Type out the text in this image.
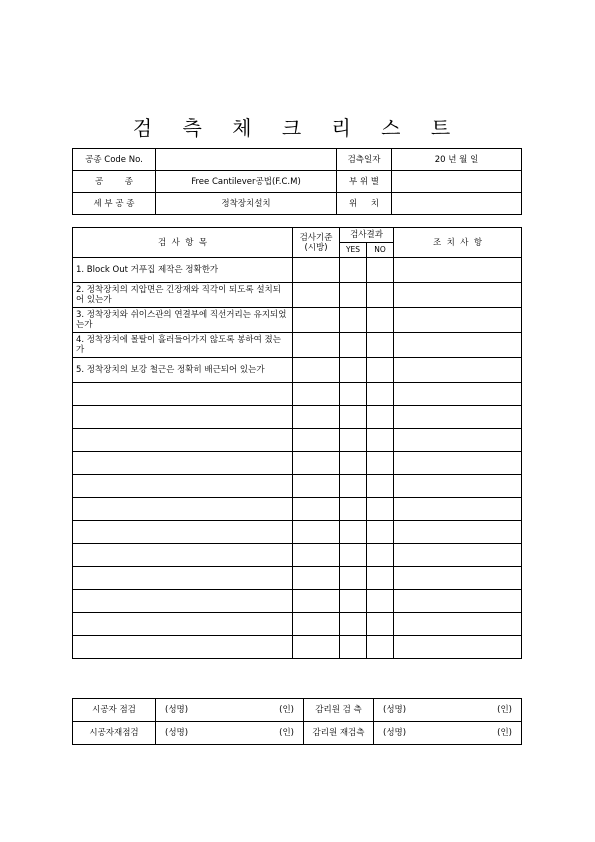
검 측 체 크 리 스 트
공종 Code No.		검측일자	20 년 월 일
공        종	Free Cantilever공법(F.C.M)	부 위 별	
세 부 공 종	정착장치설치	위     치	
검  사  항  목	검사기준 (시방)	검사결과		조  치  사  항
		YES	NO	
1. Block Out 거푸집 제작은 정확한가				
2. 정착장치의 지압면은 긴장재와 직각이 되도록 설치되어 있는가				
3. 정착장치와 쉬이스관의 연결부에 직선거리는 유지되었는가				
4. 정착장치에 몰탈이 흘러들어가지 않도록 봉하여 졌는가				
5. 정착장치의 보강 철근은 정확히 배근되어 있는가				

시공자 점검	(성명) (인)	감리원 검 측	(성명) (인)

시공자재점검	(성명) (인)	감리원 재검측	(성명) (인)
